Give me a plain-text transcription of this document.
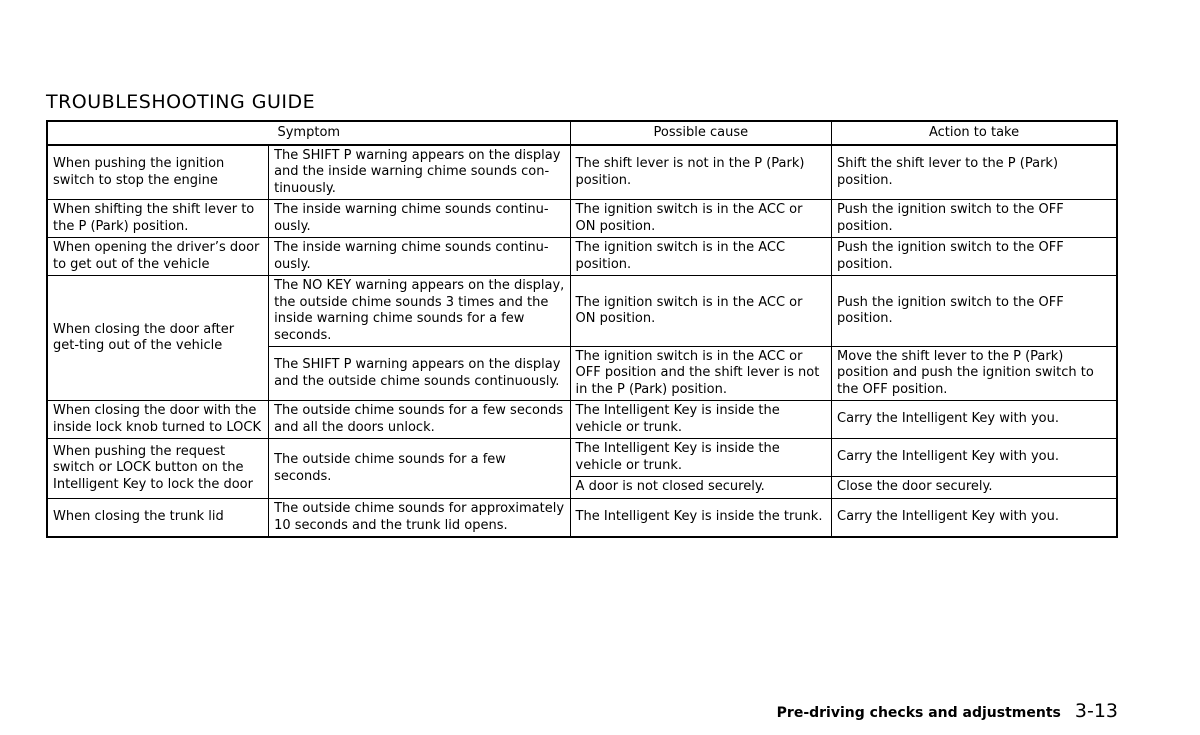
TROUBLESHOOTING GUIDE
Symptom		Possible cause	Action to take
When pushing the ignition switch to stop the engine	The SHIFT P warning appears on the display and the inside warning chime sounds con-tinuously.	The shift lever is not in the P (Park) position.	Shift the shift lever to the P (Park) position.
When shifting the shift lever to the P (Park) position.	The inside warning chime sounds continu-ously.	The ignition switch is in the ACC or ON position.	Push the ignition switch to the OFF position.
When opening the driver’s door to get out of the vehicle	The inside warning chime sounds continu-ously.	The ignition switch is in the ACC position.	Push the ignition switch to the OFF position.
When closing the door after get-ting out of the vehicle	The NO KEY warning appears on the display, the outside chime sounds 3 times and the inside warning chime sounds for a few seconds.	The ignition switch is in the ACC or ON position.	Push the ignition switch to the OFF position.
	The SHIFT P warning appears on the display and the outside chime sounds continuously.	The ignition switch is in the ACC or OFF position and the shift lever is not in the P (Park) position.	Move the shift lever to the P (Park) position and push the ignition switch to the OFF position.
When closing the door with the inside lock knob turned to LOCK	The outside chime sounds for a few seconds and all the doors unlock.	The Intelligent Key is inside the vehicle or trunk.	Carry the Intelligent Key with you.
When pushing the request switch or LOCK button on the Intelligent Key to lock the door	The outside chime sounds for a few seconds.	The Intelligent Key is inside the vehicle or trunk.	Carry the Intelligent Key with you.
		A door is not closed securely.	Close the door securely.
When closing the trunk lid	The outside chime sounds for approximately 10 seconds and the trunk lid opens.	The Intelligent Key is inside the trunk.	Carry the Intelligent Key with you.
Pre-driving checks and adjustments 3-13
